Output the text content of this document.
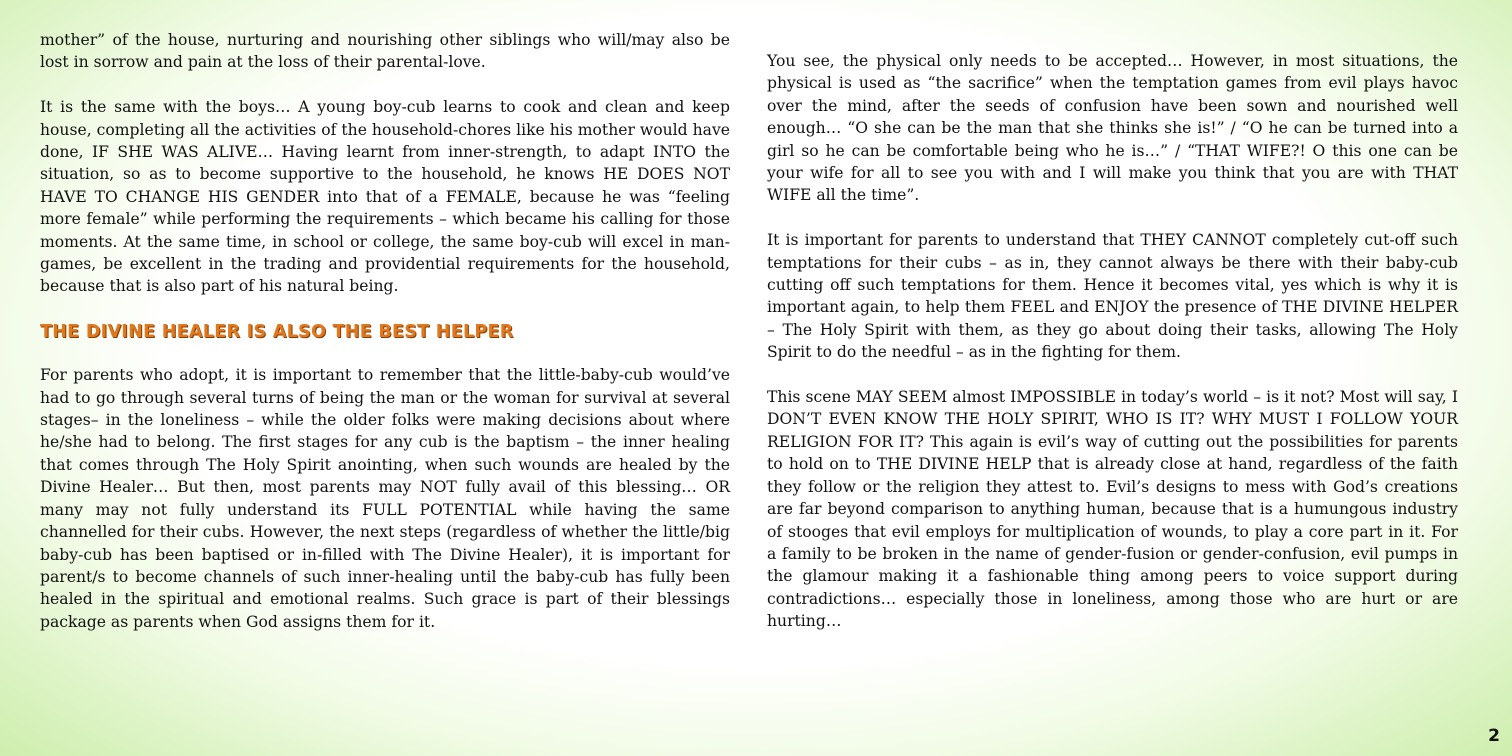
mother” of the house, nurturing and nourishing other siblings who will/may also be lost in sorrow and pain at the loss of their parental-love.

It is the same with the boys… A young boy-cub learns to cook and clean and keep house, completing all the activities of the household-chores like his mother would have done, IF SHE WAS ALIVE… Having learnt from inner-strength, to adapt INTO the situation, so as to become supportive to the household, he knows HE DOES NOT HAVE TO CHANGE HIS GENDER into that of a FEMALE, because he was “feeling more female” while performing the requirements – which became his calling for those moments. At the same time, in school or college, the same boy-cub will excel in man-games, be excellent in the trading and providential requirements for the household, because that is also part of his natural being.

THE DIVINE HEALER IS ALSO THE BEST HELPER

For parents who adopt, it is important to remember that the little-baby-cub would’ve had to go through several turns of being the man or the woman for survival at several stages– in the loneliness – while the older folks were making decisions about where he/she had to belong. The first stages for any cub is the baptism – the inner healing that comes through The Holy Spirit anointing, when such wounds are healed by the Divine Healer… But then, most parents may NOT fully avail of this blessing… OR many may not fully understand its FULL POTENTIAL while having the same channelled for their cubs. However, the next steps (regardless of whether the little/big baby-cub has been baptised or in-filled with The Divine Healer), it is important for parent/s to become channels of such inner-healing until the baby-cub has fully been healed in the spiritual and emotional realms. Such grace is part of their blessings package as parents when God assigns them for it.

You see, the physical only needs to be accepted… However, in most situations, the physical is used as “the sacrifice” when the temptation games from evil plays havoc over the mind, after the seeds of confusion have been sown and nourished well enough… “O she can be the man that she thinks she is!” / “O he can be turned into a girl so he can be comfortable being who he is…” / “THAT WIFE?! O this one can be your wife for all to see you with and I will make you think that you are with THAT WIFE all the time”.

It is important for parents to understand that THEY CANNOT completely cut-off such temptations for their cubs – as in, they cannot always be there with their baby-cub cutting off such temptations for them. Hence it becomes vital, yes which is why it is important again, to help them FEEL and ENJOY the presence of THE DIVINE HELPER – The Holy Spirit with them, as they go about doing their tasks, allowing The Holy Spirit to do the needful – as in the fighting for them.

This scene MAY SEEM almost IMPOSSIBLE in today’s world – is it not? Most will say, I DON’T EVEN KNOW THE HOLY SPIRIT, WHO IS IT? WHY MUST I FOLLOW YOUR RELIGION FOR IT? This again is evil’s way of cutting out the possibilities for parents to hold on to THE DIVINE HELP that is already close at hand, regardless of the faith they follow or the religion they attest to. Evil’s designs to mess with God’s creations are far beyond comparison to anything human, because that is a humungous industry of stooges that evil employs for multiplication of wounds, to play a core part in it. For a family to be broken in the name of gender-fusion or gender-confusion, evil pumps in the glamour making it a fashionable thing among peers to voice support during contradictions… especially those in loneliness, among those who are hurt or are hurting…

2
